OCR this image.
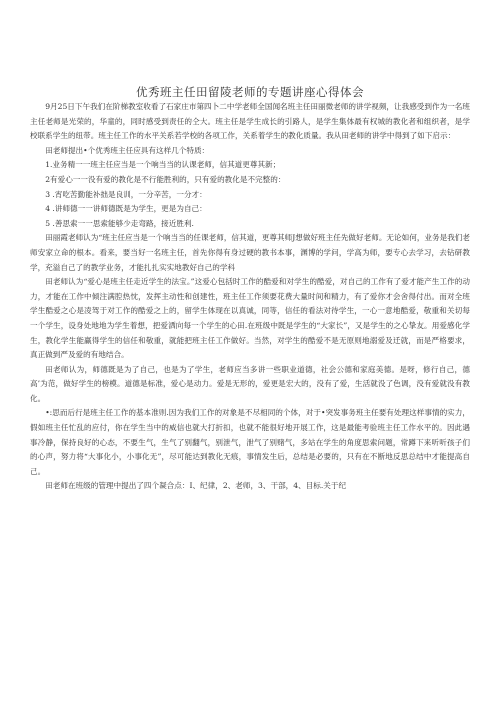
优秀班主任田留陵老师的专题讲座心得体会

9月25日下午我们在阶梯教室收看了石家庄市第四卜二中学老师全国闻名班主任田丽微老师的讲学视频，让我感受到作为一名班主任老师是光荣的，华童的，同时感受到责任的仝大。班主任是学生成长的引路人，是学生集体最有权城的教化者和组织者，是学校联系学生的纽带。班主任工作的水平关系若学校的各项工作，关系着学生的教化质量。我从田老师的讲学中得到了如下启示：

田老师提出•个优秀班主任应具有这样几个特质：

1.业务精一一班主任应当是一个响当当的认课老师，信其道更尊其新；

2有爱心一一没有爱的教化是不行能胜利的，只有爱的教化是不完整的：

3 .宵吃苦勤能补拙是良训，一分辛苦，一分才：

4 .讲师德一一讲师德既是为学生，更是为自己：

5 .善思索一一思索能够少走弯路，接近胜利.

田丽霞老师认为“班主任应当是一个响当当的任课老师，信其道，更尊其师J想做好班主任先做好老师。无论如何，业务是我们老师安家立命的根本。看来，要当好一名班主任，首先你得有身过硬的教书本事，渊博的学问，学高为师，要专心去学习，去钻研教学，充溢自己了的教学业务，才能扎扎实实地教好自己的学科

田老师认为“爱心是班主任走近学生的法宝。”这爱心包括时工作的酷爱和对学生的酷爱，对自己的工作有了爱才能产生工作的动力，才能在工作中倾注满腔热忱，发挥主动性和创建性，班主任工作须要花费大量时间和精力，有了爱你才会舍得付出。而对全班学生酷爱之心是凌驾于对工作的酷爱之上的，留学生体现在以真诚，同等，信任的看法对待学生，一心一意地酷爱，敬重和关切每一个学生，设身处地地为学生着想，把爱洒向每一个学生的心田.在班级中既是学生的“大家长”，又是学生的之心挚友。用爱感化学生，教化学生能赢得学生的信任和敬重，就能把班主任工作做好。当然，对学生的酷爱不是无原则地溺爱及迁就，而是严格要求，真正做到严及爱的有地结合。

田老师认为，师德既是为了自己，也是为了学生，老师应当多讲一些职业道德，社会公德和家庭美德。是呀，修行自己，德高’为范，做好学生的榜模。道德是标准，爱心是动力。爱是无形的，爱更是宏大的，没有了爱，生活就没了色调，没有爱就没有教化。

•:思而后行是班主任工作的基本准则.因为我们工作的对象是不尽相同的个体，对于•突发事务班主任要有处理这样事情的实力，假如班主任忙乱的应付，你在学生当中的威信也就大打折扣，也就不能很好地开展工作，这是最能考验班主任工作水平的。因此遇事冷静，保持良好的心态，不要生气，生气了别翻气，别泄气，泄气了别赌气，多站在学生的角度思索问题，常蹲下来听听孩子们的心声，努力将“大事化小，小事化无”，尽可能达到教化无痕，事情发生后，总结是必要的，只有在不断地反思总结中才能提高自己。

田老师在班级的管理中提出了四个凝合点：I、纪律，2、老师，3、干部，4、目标.关于纪
